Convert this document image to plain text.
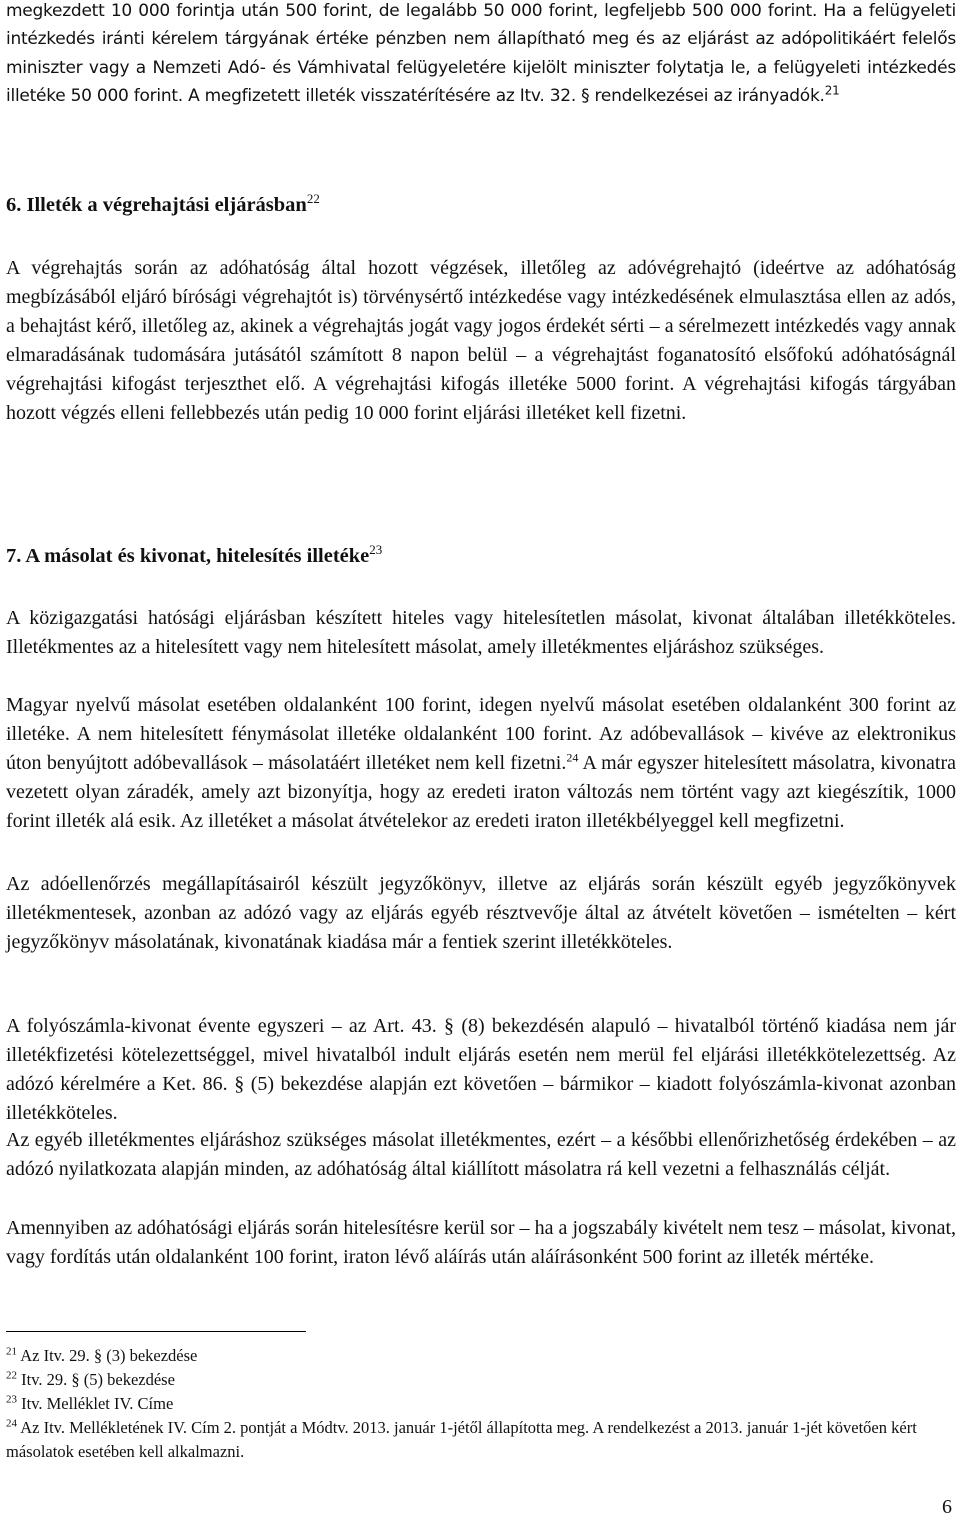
megkezdett 10 000 forintja után 500 forint, de legalább 50 000 forint, legfeljebb 500 000 forint. Ha a felügyeleti intézkedés iránti kérelem tárgyának értéke pénzben nem állapítható meg és az eljárást az adópolitikáért felelős miniszter vagy a Nemzeti Adó- és Vámhivatal felügyeletére kijelölt miniszter folytatja le, a felügyeleti intézkedés illetéke 50 000 forint. A megfizetett illeték visszatérítésére az Itv. 32. § rendelkezései az irányadók.$^{21}$

6. Illeték a végrehajtási eljárásban$^{22}$

A végrehajtás során az adóhatóság által hozott végzések, illetőleg az adóvégrehajtó (ideértve az adóhatóság megbízásából eljáró bírósági végrehajtót is) törvénysértő intézkedése vagy intézkedésének elmulasztása ellen az adós, a behajtást kérő, illetőleg az, akinek a végrehajtás jogát vagy jogos érdekét sérti – a sérelmezett intézkedés vagy annak elmaradásának tudomására jutásától számított 8 napon belül – a végrehajtást foganatosító elsőfokú adóhatóságnál végrehajtási kifogást terjeszthet elő. A végrehajtási kifogás illetéke 5000 forint. A végrehajtási kifogás tárgyában hozott végzés elleni fellebbezés után pedig 10 000 forint eljárási illetéket kell fizetni.

7. A másolat és kivonat, hitelesítés illetéke$^{23}$

A közigazgatási hatósági eljárásban készített hiteles vagy hitelesítetlen másolat, kivonat általában illetékköteles. Illetékmentes az a hitelesített vagy nem hitelesített másolat, amely illetékmentes eljáráshoz szükséges.

Magyar nyelvű másolat esetében oldalanként 100 forint, idegen nyelvű másolat esetében oldalanként 300 forint az illetéke. A nem hitelesített fénymásolat illetéke oldalanként 100 forint. Az adóbevallások – kivéve az elektronikus úton benyújtott adóbevallások – másolatáért illetéket nem kell fizetni.$^{24}$ A már egyszer hitelesített másolatra, kivonatra vezetett olyan záradék, amely azt bizonyítja, hogy az eredeti iraton változás nem történt vagy azt kiegészítik, 1000 forint illeték alá esik. Az illetéket a másolat átvételekor az eredeti iraton illetékbélyeggel kell megfizetni.

Az adóellenőrzés megállapításairól készült jegyzőkönyv, illetve az eljárás során készült egyéb jegyzőkönyvek illetékmentesek, azonban az adózó vagy az eljárás egyéb résztvevője által az átvételt követően – ismételten – kért jegyzőkönyv másolatának, kivonatának kiadása már a fentiek szerint illetékköteles.

A folyószámla-kivonat évente egyszeri – az Art. 43. § (8) bekezdésén alapuló – hivatalból történő kiadása nem jár illetékfizetési kötelezettséggel, mivel hivatalból indult eljárás esetén nem merül fel eljárási illetékkötelezettség. Az adózó kérelmére a Ket. 86. § (5) bekezdése alapján ezt követően – bármikor – kiadott folyószámla-kivonat azonban illetékköteles.

Az egyéb illetékmentes eljáráshoz szükséges másolat illetékmentes, ezért – a későbbi ellenőrizhetőség érdekében – az adózó nyilatkozata alapján minden, az adóhatóság által kiállított másolatra rá kell vezetni a felhasználás célját.

Amennyiben az adóhatósági eljárás során hitelesítésre kerül sor – ha a jogszabály kivételt nem tesz – másolat, kivonat, vagy fordítás után oldalanként 100 forint, iraton lévő aláírás után aláírásonként 500 forint az illeték mértéke.

$^{21}$ Az Itv. 29. § (3) bekezdése

$^{22}$ Itv. 29. § (5) bekezdése

$^{23}$ Itv. Melléklet IV. Címe

$^{24}$ Az Itv. Mellékletének IV. Cím 2. pontját a Módtv. 2013. január 1-jétől állapította meg. A rendelkezést a 2013. január 1-jét követően kért másolatok esetében kell alkalmazni.

6
